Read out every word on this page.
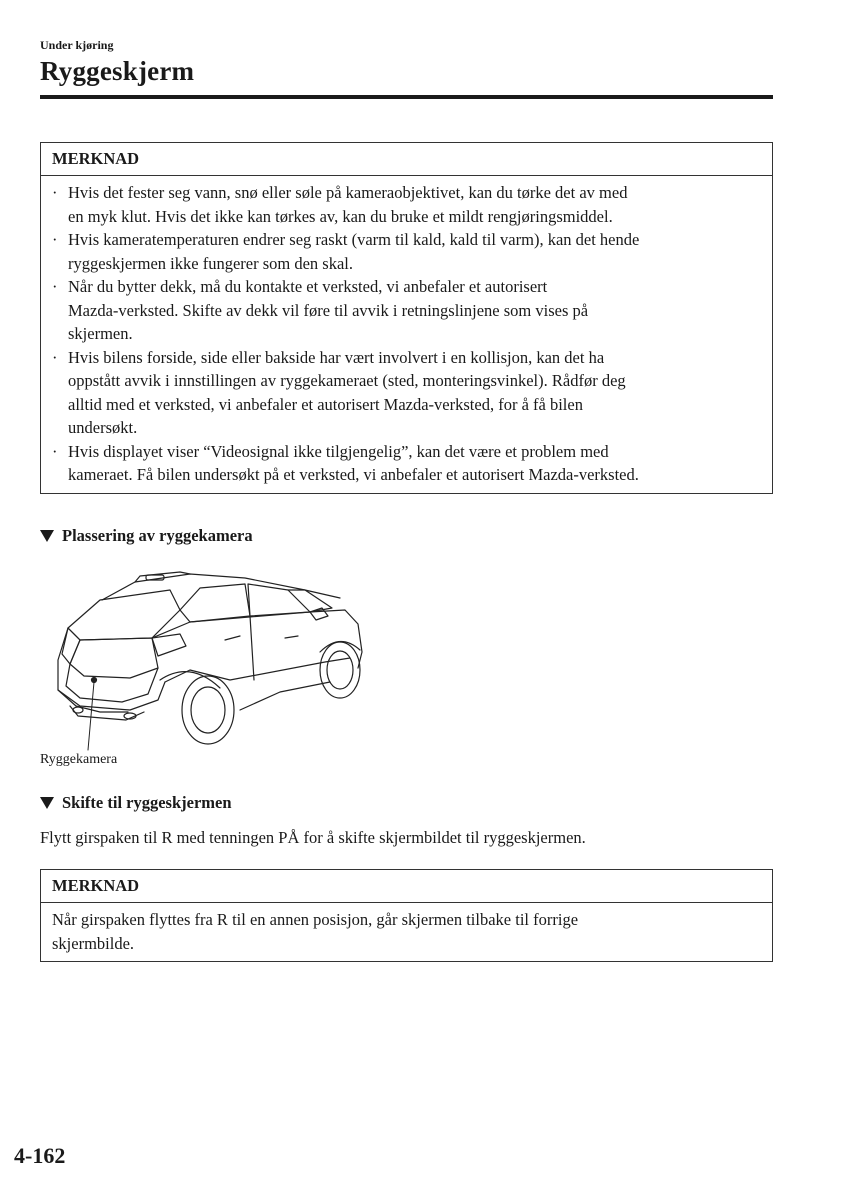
Under kjøring
Ryggeskjerm
MERKNAD
· Hvis det fester seg vann, snø eller søle på kameraobjektivet, kan du tørke det av med
en myk klut. Hvis det ikke kan tørkes av, kan du bruke et mildt rengjøringsmiddel.
· Hvis kameratemperaturen endrer seg raskt (varm til kald, kald til varm), kan det hende
ryggeskjermen ikke fungerer som den skal.
· Når du bytter dekk, må du kontakte et verksted, vi anbefaler et autorisert
Mazda-verksted. Skifte av dekk vil føre til avvik i retningslinjene som vises på
skjermen.
· Hvis bilens forside, side eller bakside har vært involvert i en kollisjon, kan det ha
oppstått avvik i innstillingen av ryggekameraet (sted, monteringsvinkel). Rådfør deg
alltid med et verksted, vi anbefaler et autorisert Mazda-verksted, for å få bilen
undersøkt.
· Hvis displayet viser “Videosignal ikke tilgjengelig”, kan det være et problem med
kameraet. Få bilen undersøkt på et verksted, vi anbefaler et autorisert Mazda-verksted.
Plassering av ryggekamera
Ryggekamera
Skifte til ryggeskjermen
Flytt girspaken til R med tenningen PÅ for å skifte skjermbildet til ryggeskjermen.
MERKNAD
Når girspaken flyttes fra R til en annen posisjon, går skjermen tilbake til forrige
skjermbilde.
4-162
